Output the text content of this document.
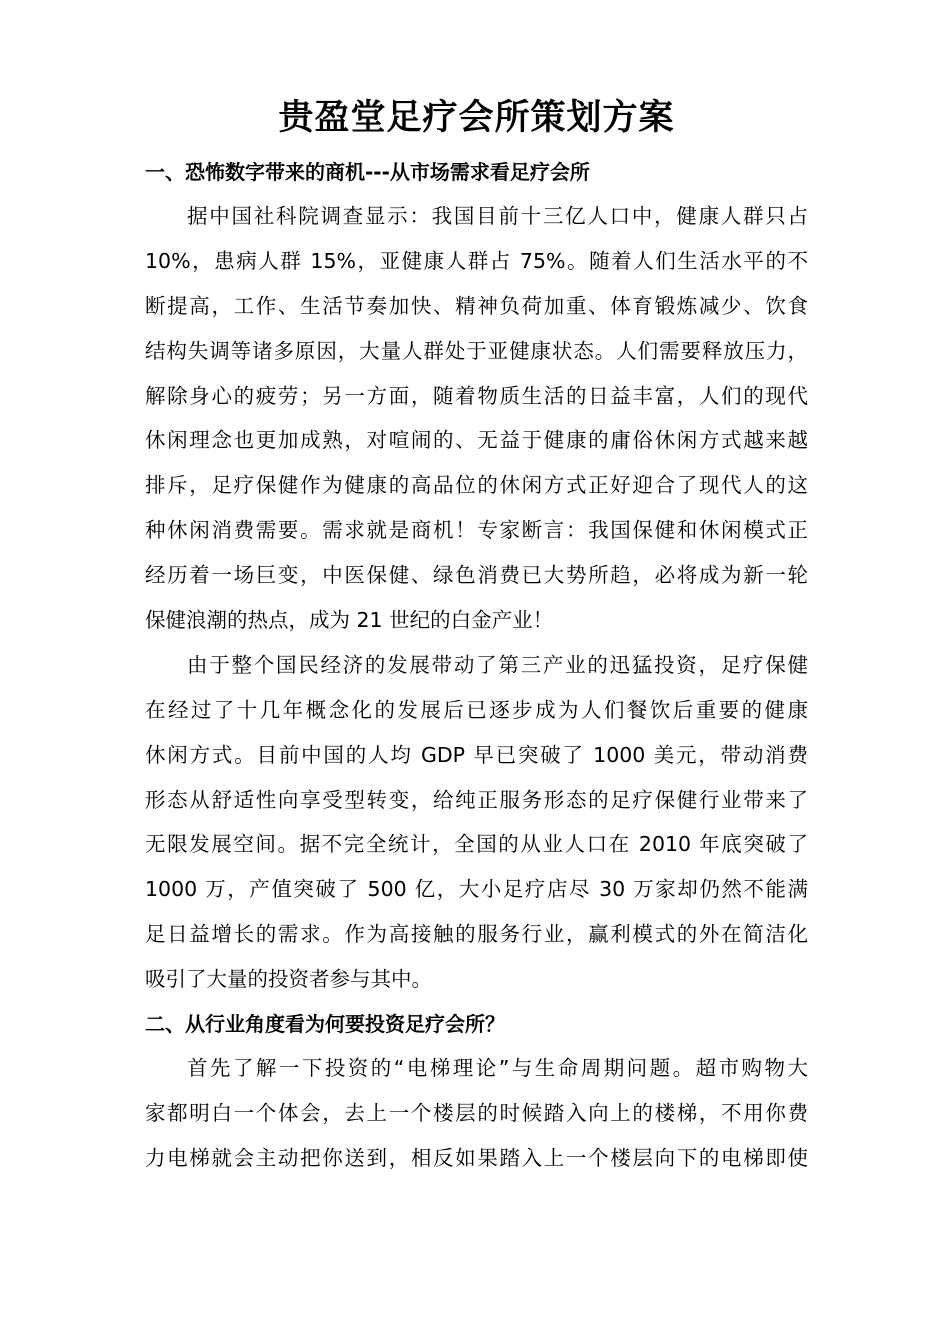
贵盈堂足疗会所策划方案
一、恐怖数字带来的商机---从市场需求看足疗会所
据中国社科院调查显示：我国目前十三亿人口中，健康人群只占
10%，患病人群 15%，亚健康人群占 75%。随着人们生活水平的不
断提高，工作、生活节奏加快、精神负荷加重、体育锻炼减少、饮食
结构失调等诸多原因，大量人群处于亚健康状态。人们需要释放压力，
解除身心的疲劳；另一方面，随着物质生活的日益丰富，人们的现代
休闲理念也更加成熟，对喧闹的、无益于健康的庸俗休闲方式越来越
排斥，足疗保健作为健康的高品位的休闲方式正好迎合了现代人的这
种休闲消费需要。需求就是商机！专家断言：我国保健和休闲模式正
经历着一场巨变，中医保健、绿色消费已大势所趋，必将成为新一轮
保健浪潮的热点，成为 21 世纪的白金产业！
由于整个国民经济的发展带动了第三产业的迅猛投资，足疗保健
在经过了十几年概念化的发展后已逐步成为人们餐饮后重要的健康
休闲方式。目前中国的人均 GDP 早已突破了 1000 美元，带动消费
形态从舒适性向享受型转变，给纯正服务形态的足疗保健行业带来了
无限发展空间。据不完全统计，全国的从业人口在 2010 年底突破了
1000 万，产值突破了 500 亿，大小足疗店尽 30 万家却仍然不能满
足日益增长的需求。作为高接触的服务行业，赢利模式的外在简洁化
吸引了大量的投资者参与其中。
二、从行业角度看为何要投资足疗会所？
首先了解一下投资的“电梯理论”与生命周期问题。超市购物大
家都明白一个体会，去上一个楼层的时候踏入向上的楼梯，不用你费
力电梯就会主动把你送到，相反如果踏入上一个楼层向下的电梯即使
